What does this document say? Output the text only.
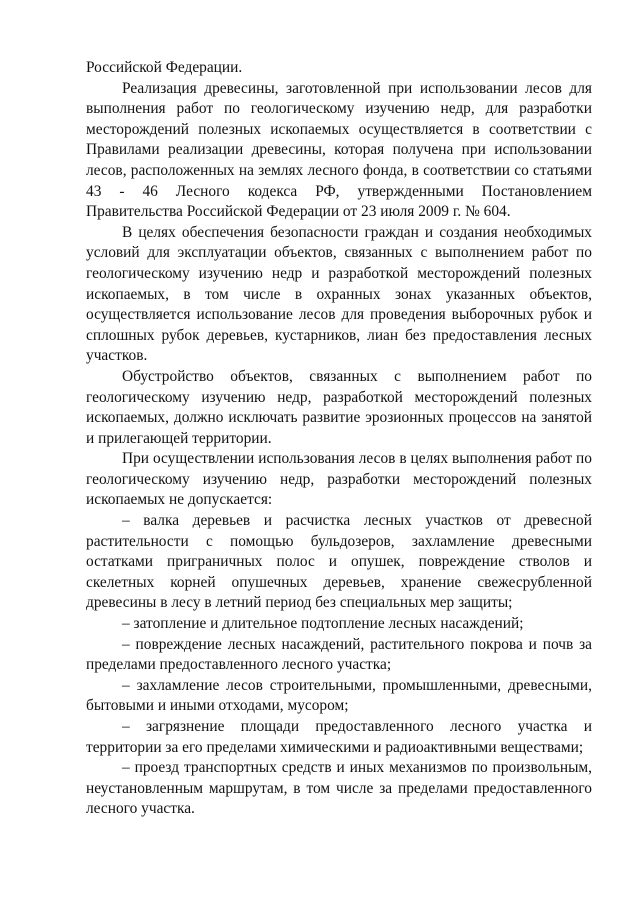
Российской Федерации.

Реализация древесины, заготовленной при использовании лесов для выполнения работ по геологическому изучению недр, для разработки месторождений полезных ископаемых осуществляется в соответствии с Правилами реализации древесины, которая получена при использовании лесов, расположенных на землях лесного фонда, в соответствии со статьями 43 - 46 Лесного кодекса РФ, утвержденными Постановлением Правительства Российской Федерации от 23 июля 2009 г. № 604.

В целях обеспечения безопасности граждан и создания необходимых условий для эксплуатации объектов, связанных с выполнением работ по геологическому изучению недр и разработкой месторождений полезных ископаемых, в том числе в охранных зонах указанных объектов, осуществляется использование лесов для проведения выборочных рубок и сплошных рубок деревьев, кустарников, лиан без предоставления лесных участков.

Обустройство объектов, связанных с выполнением работ по геологическому изучению недр, разработкой месторождений полезных ископаемых, должно исключать развитие эрозионных процессов на занятой и прилегающей территории.

При осуществлении использования лесов в целях выполнения работ по геологическому изучению недр, разработки месторождений полезных ископаемых не допускается:

– валка деревьев и расчистка лесных участков от древесной растительности с помощью бульдозеров, захламление древесными остатками приграничных полос и опушек, повреждение стволов и скелетных корней опушечных деревьев, хранение свежесрубленной древесины в лесу в летний период без специальных мер защиты;

– затопление и длительное подтопление лесных насаждений;

– повреждение лесных насаждений, растительного покрова и почв за пределами предоставленного лесного участка;

– захламление лесов строительными, промышленными, древесными, бытовыми и иными отходами, мусором;

– загрязнение площади предоставленного лесного участка и территории за его пределами химическими и радиоактивными веществами;

– проезд транспортных средств и иных механизмов по произвольным, неустановленным маршрутам, в том числе за пределами предоставленного лесного участка.
